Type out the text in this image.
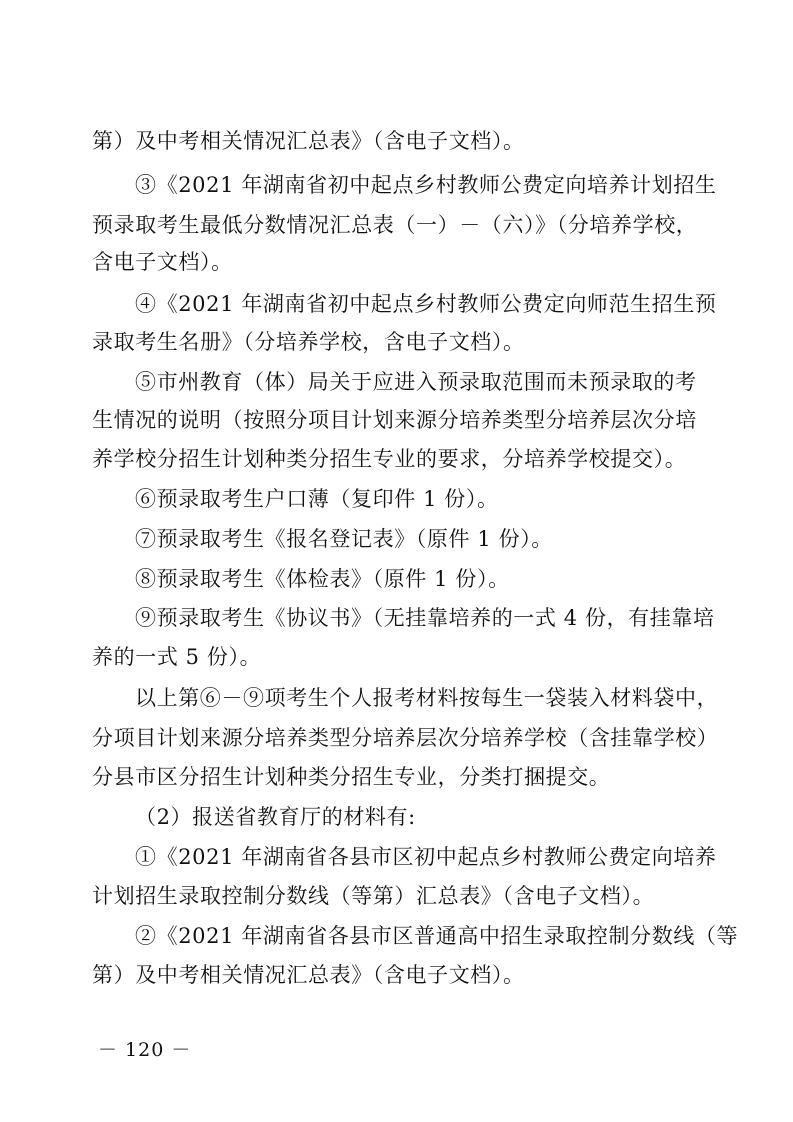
第）及中考相关情况汇总表》（含电子文档）。
③《2021 年湖南省初中起点乡村教师公费定向培养计划招生
预录取考生最低分数情况汇总表（一）－（六）》（分培养学校，
含电子文档）。
④《2021 年湖南省初中起点乡村教师公费定向师范生招生预
录取考生名册》（分培养学校，含电子文档）。
⑤市州教育（体）局关于应进入预录取范围而未预录取的考
生情况的说明（按照分项目计划来源分培养类型分培养层次分培
养学校分招生计划种类分招生专业的要求，分培养学校提交）。
⑥预录取考生户口薄（复印件 1 份）。
⑦预录取考生《报名登记表》（原件 1 份）。
⑧预录取考生《体检表》（原件 1 份）。
⑨预录取考生《协议书》（无挂靠培养的一式 4 份，有挂靠培
养的一式 5 份）。
以上第⑥－⑨项考生个人报考材料按每生一袋装入材料袋中，
分项目计划来源分培养类型分培养层次分培养学校（含挂靠学校）
分县市区分招生计划种类分招生专业，分类打捆提交。
（2）报送省教育厅的材料有:
①《2021 年湖南省各县市区初中起点乡村教师公费定向培养
计划招生录取控制分数线（等第）汇总表》（含电子文档）。
②《2021 年湖南省各县市区普通高中招生录取控制分数线（等
第）及中考相关情况汇总表》（含电子文档）。
－ 120 －
